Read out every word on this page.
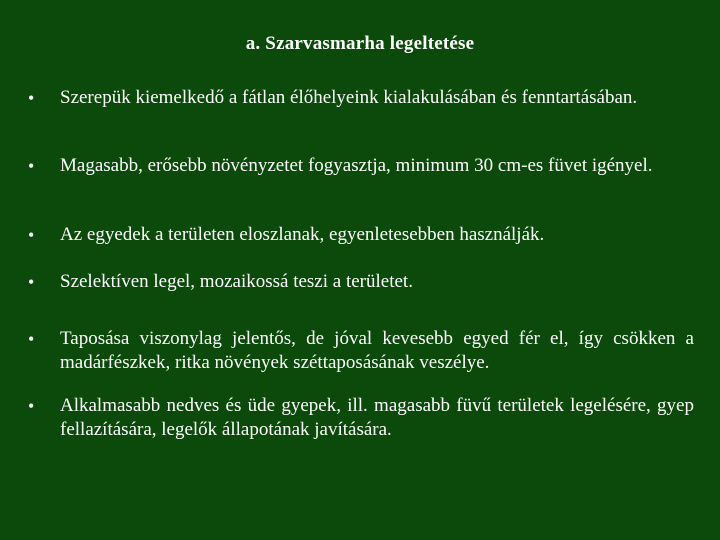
a. Szarvasmarha legeltetése
•	Szerepük kiemelkedő a fátlan élőhelyeink kialakulásában és fenntartásában.
•	Magasabb, erősebb növényzetet fogyasztja, minimum 30 cm-es füvet igényel.
•	Az egyedek a területen eloszlanak, egyenletesebben használják.
•	Szelektíven legel, mozaikossá teszi a területet.
•	Taposása viszonylag jelentős, de jóval kevesebb egyed fér el, így csökken a madárfészkek, ritka növények széttaposásának veszélye.
•	Alkalmasabb nedves és üde gyepek, ill. magasabb füvű területek legelésére, gyep fellazítására, legelők állapotának javítására.
